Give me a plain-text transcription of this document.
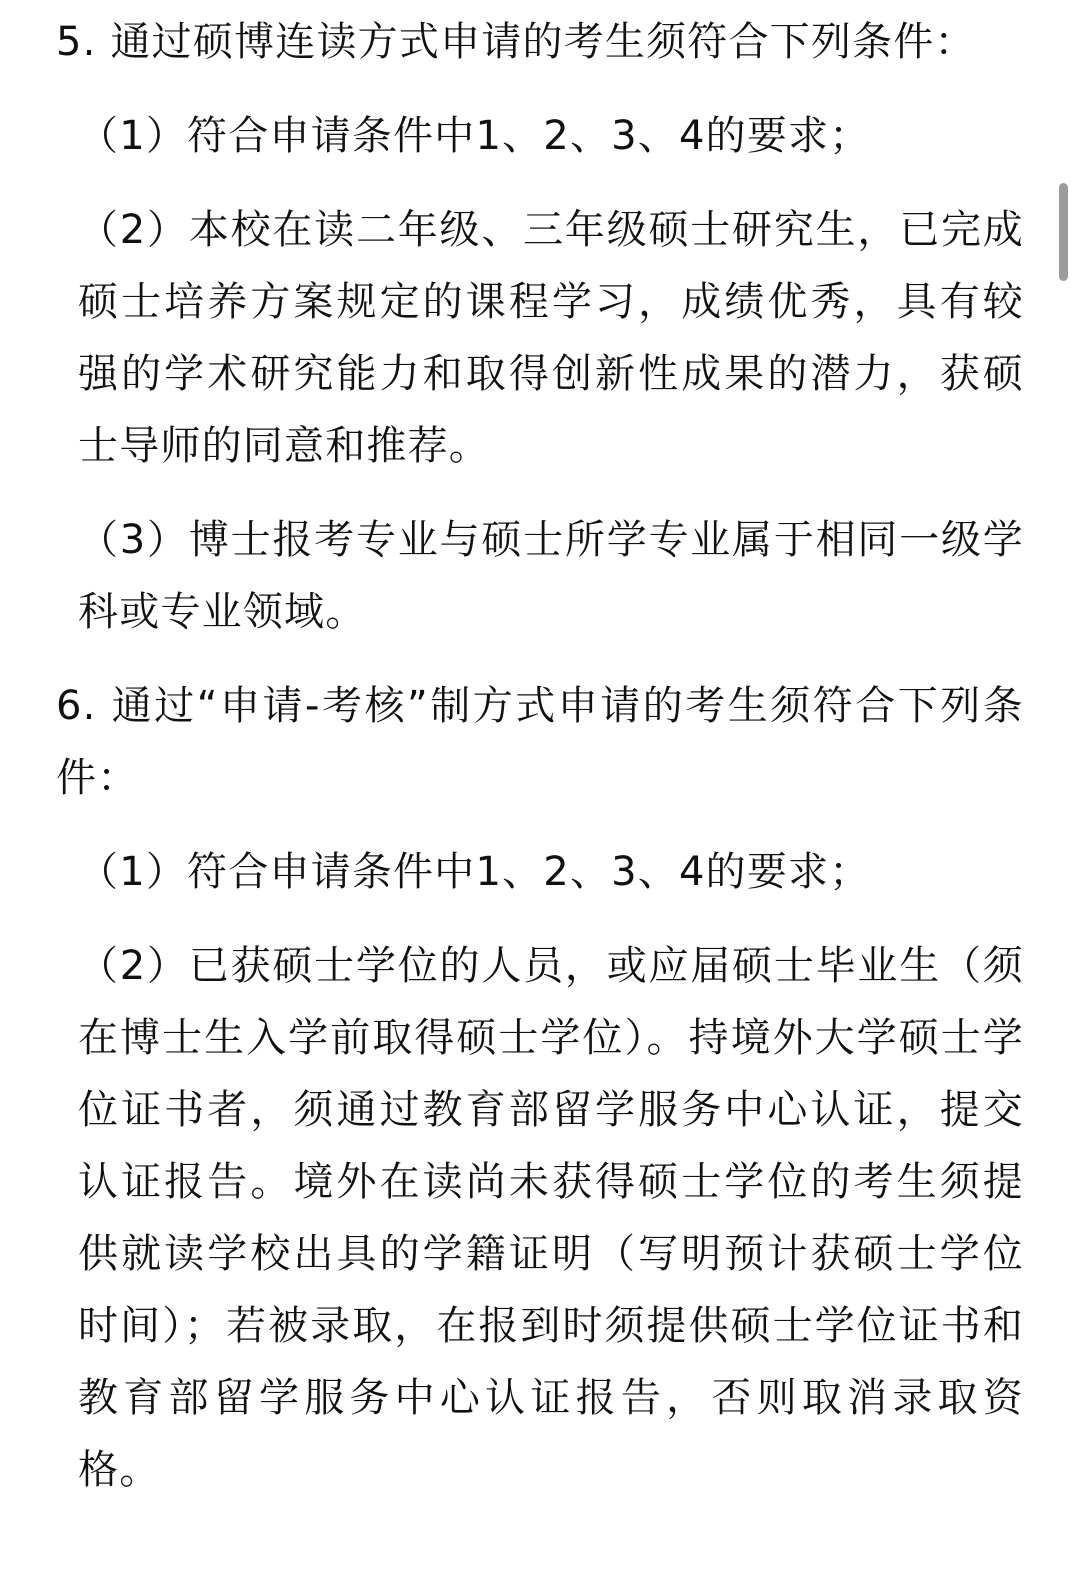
5. 通过硕博连读方式申请的考生须符合下列条件：

（1）符合申请条件中1、2、3、4的要求；

（2）本校在读二年级、三年级硕士研究生，已完成硕士培养方案规定的课程学习，成绩优秀，具有较强的学术研究能力和取得创新性成果的潜力，获硕士导师的同意和推荐。

（3）博士报考专业与硕士所学专业属于相同一级学科或专业领域。

6. 通过“申请-考核”制方式申请的考生须符合下列条件：

（1）符合申请条件中1、2、3、4的要求；

（2）已获硕士学位的人员，或应届硕士毕业生（须在博士生入学前取得硕士学位）。持境外大学硕士学位证书者，须通过教育部留学服务中心认证，提交认证报告。境外在读尚未获得硕士学位的考生须提供就读学校出具的学籍证明（写明预计获硕士学位时间）；若被录取，在报到时须提供硕士学位证书和教育部留学服务中心认证报告，否则取消录取资格。
